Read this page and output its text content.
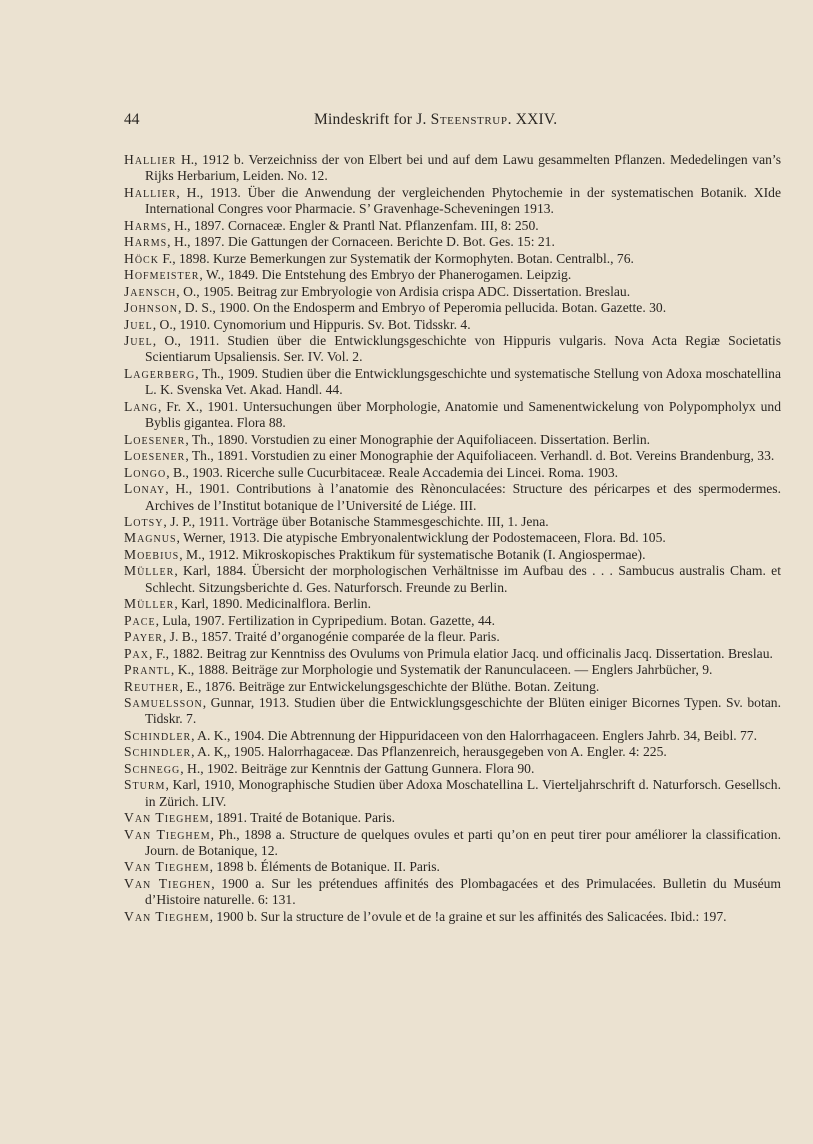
44	Mindeskrift for J. Steenstrup. XXIV.
Hallier H., 1912 b. Verzeichniss der von Elbert bei und auf dem Lawu gesammelten Pflanzen. Mededelingen van’s Rijks Herbarium, Leiden. No. 12.
Hallier, H., 1913. Über die Anwendung der vergleichenden Phytochemie in der systematischen Botanik. XIde International Congres voor Pharmacie. S’ Gravenhage-Scheveningen 1913.
Harms, H., 1897. Cornaceæ. Engler & Prantl Nat. Pflanzenfam. III, 8: 250.
Harms, H., 1897. Die Gattungen der Cornaceen. Berichte D. Bot. Ges. 15: 21.
Höck F., 1898. Kurze Bemerkungen zur Systematik der Kormophyten. Botan. Centralbl., 76.
Hofmeister, W., 1849. Die Entstehung des Embryo der Phanerogamen. Leipzig.
Jaensch, O., 1905. Beitrag zur Embryologie von Ardisia crispa ADC. Dissertation. Breslau.
Johnson, D. S., 1900. On the Endosperm and Embryo of Peperomia pellucida. Botan. Gazette. 30.
Juel, O., 1910. Cynomorium und Hippuris. Sv. Bot. Tidsskr. 4.
Juel, O., 1911. Studien über die Entwicklungsgeschichte von Hippuris vulgaris. Nova Acta Regiæ Societatis Scientiarum Upsaliensis. Ser. IV. Vol. 2.
Lagerberg, Th., 1909. Studien über die Entwicklungsgeschichte und systematische Stellung von Adoxa moschatellina L. K. Svenska Vet. Akad. Handl. 44.
Lang, Fr. X., 1901. Untersuchungen über Morphologie, Anatomie und Samenentwickelung von Polypompholyx und Byblis gigantea. Flora 88.
Loesener, Th., 1890. Vorstudien zu einer Monographie der Aquifoliaceen. Dissertation. Berlin.
Loesener, Th., 1891. Vorstudien zu einer Monographie der Aquifoliaceen. Verhandl. d. Bot. Vereins Brandenburg, 33.
Longo, B., 1903. Ricerche sulle Cucurbitaceæ. Reale Accademia dei Lincei. Roma. 1903.
Lonay, H., 1901. Contributions à l’anatomie des Rènonculacées: Structure des péricarpes et des spermodermes. Archives de l’Institut botanique de l’Université de Liége. III.
Lotsy, J. P., 1911. Vorträge über Botanische Stammesgeschichte. III, 1. Jena.
Magnus, Werner, 1913. Die atypische Embryonalentwicklung der Podostemaceen, Flora. Bd. 105.
Moebius, M., 1912. Mikroskopisches Praktikum für systematische Botanik (I. Angiospermae).
Müller, Karl, 1884. Übersicht der morphologischen Verhältnisse im Aufbau des . . . Sambucus australis Cham. et Schlecht. Sitzungsberichte d. Ges. Naturforsch. Freunde zu Berlin.
Müller, Karl, 1890. Medicinalflora. Berlin.
Pace, Lula, 1907. Fertilization in Cypripedium. Botan. Gazette, 44.
Payer, J. B., 1857. Traité d’organogénie comparée de la fleur. Paris.
Pax, F., 1882. Beitrag zur Kenntniss des Ovulums von Primula elatior Jacq. und officinalis Jacq. Dissertation. Breslau.
Prantl, K., 1888. Beiträge zur Morphologie und Systematik der Ranunculaceen. — Englers Jahrbücher, 9.
Reuther, E., 1876. Beiträge zur Entwickelungsgeschichte der Blüthe. Botan. Zeitung.
Samuelsson, Gunnar, 1913. Studien über die Entwicklungsgeschichte der Blüten einiger Bicornes Typen. Sv. botan. Tidskr. 7.
Schindler, A. K., 1904. Die Abtrennung der Hippuridaceen von den Halorrhagaceen. Englers Jahrb. 34, Beibl. 77.
Schindler, A. K,, 1905. Halorrhagaceæ. Das Pflanzenreich, herausgegeben von A. Engler. 4: 225.
Schnegg, H., 1902. Beiträge zur Kenntnis der Gattung Gunnera. Flora 90.
Sturm, Karl, 1910, Monographische Studien über Adoxa Moschatellina L. Vierteljahrschrift d. Naturforsch. Gesellsch. in Zürich. LIV.
Van Tieghem, 1891. Traité de Botanique. Paris.
Van Tieghem, Ph., 1898 a. Structure de quelques ovules et parti qu’on en peut tirer pour améliorer la classification. Journ. de Botanique, 12.
Van Tieghem, 1898 b. Éléments de Botanique. II. Paris.
Van Tieghen, 1900 a. Sur les prétendues affinités des Plombagacées et des Primulacées. Bulletin du Muséum d’Histoire naturelle. 6: 131.
Van Tieghem, 1900 b. Sur la structure de l’ovule et de !a graine et sur les affinités des Salicacées. Ibid.: 197.
